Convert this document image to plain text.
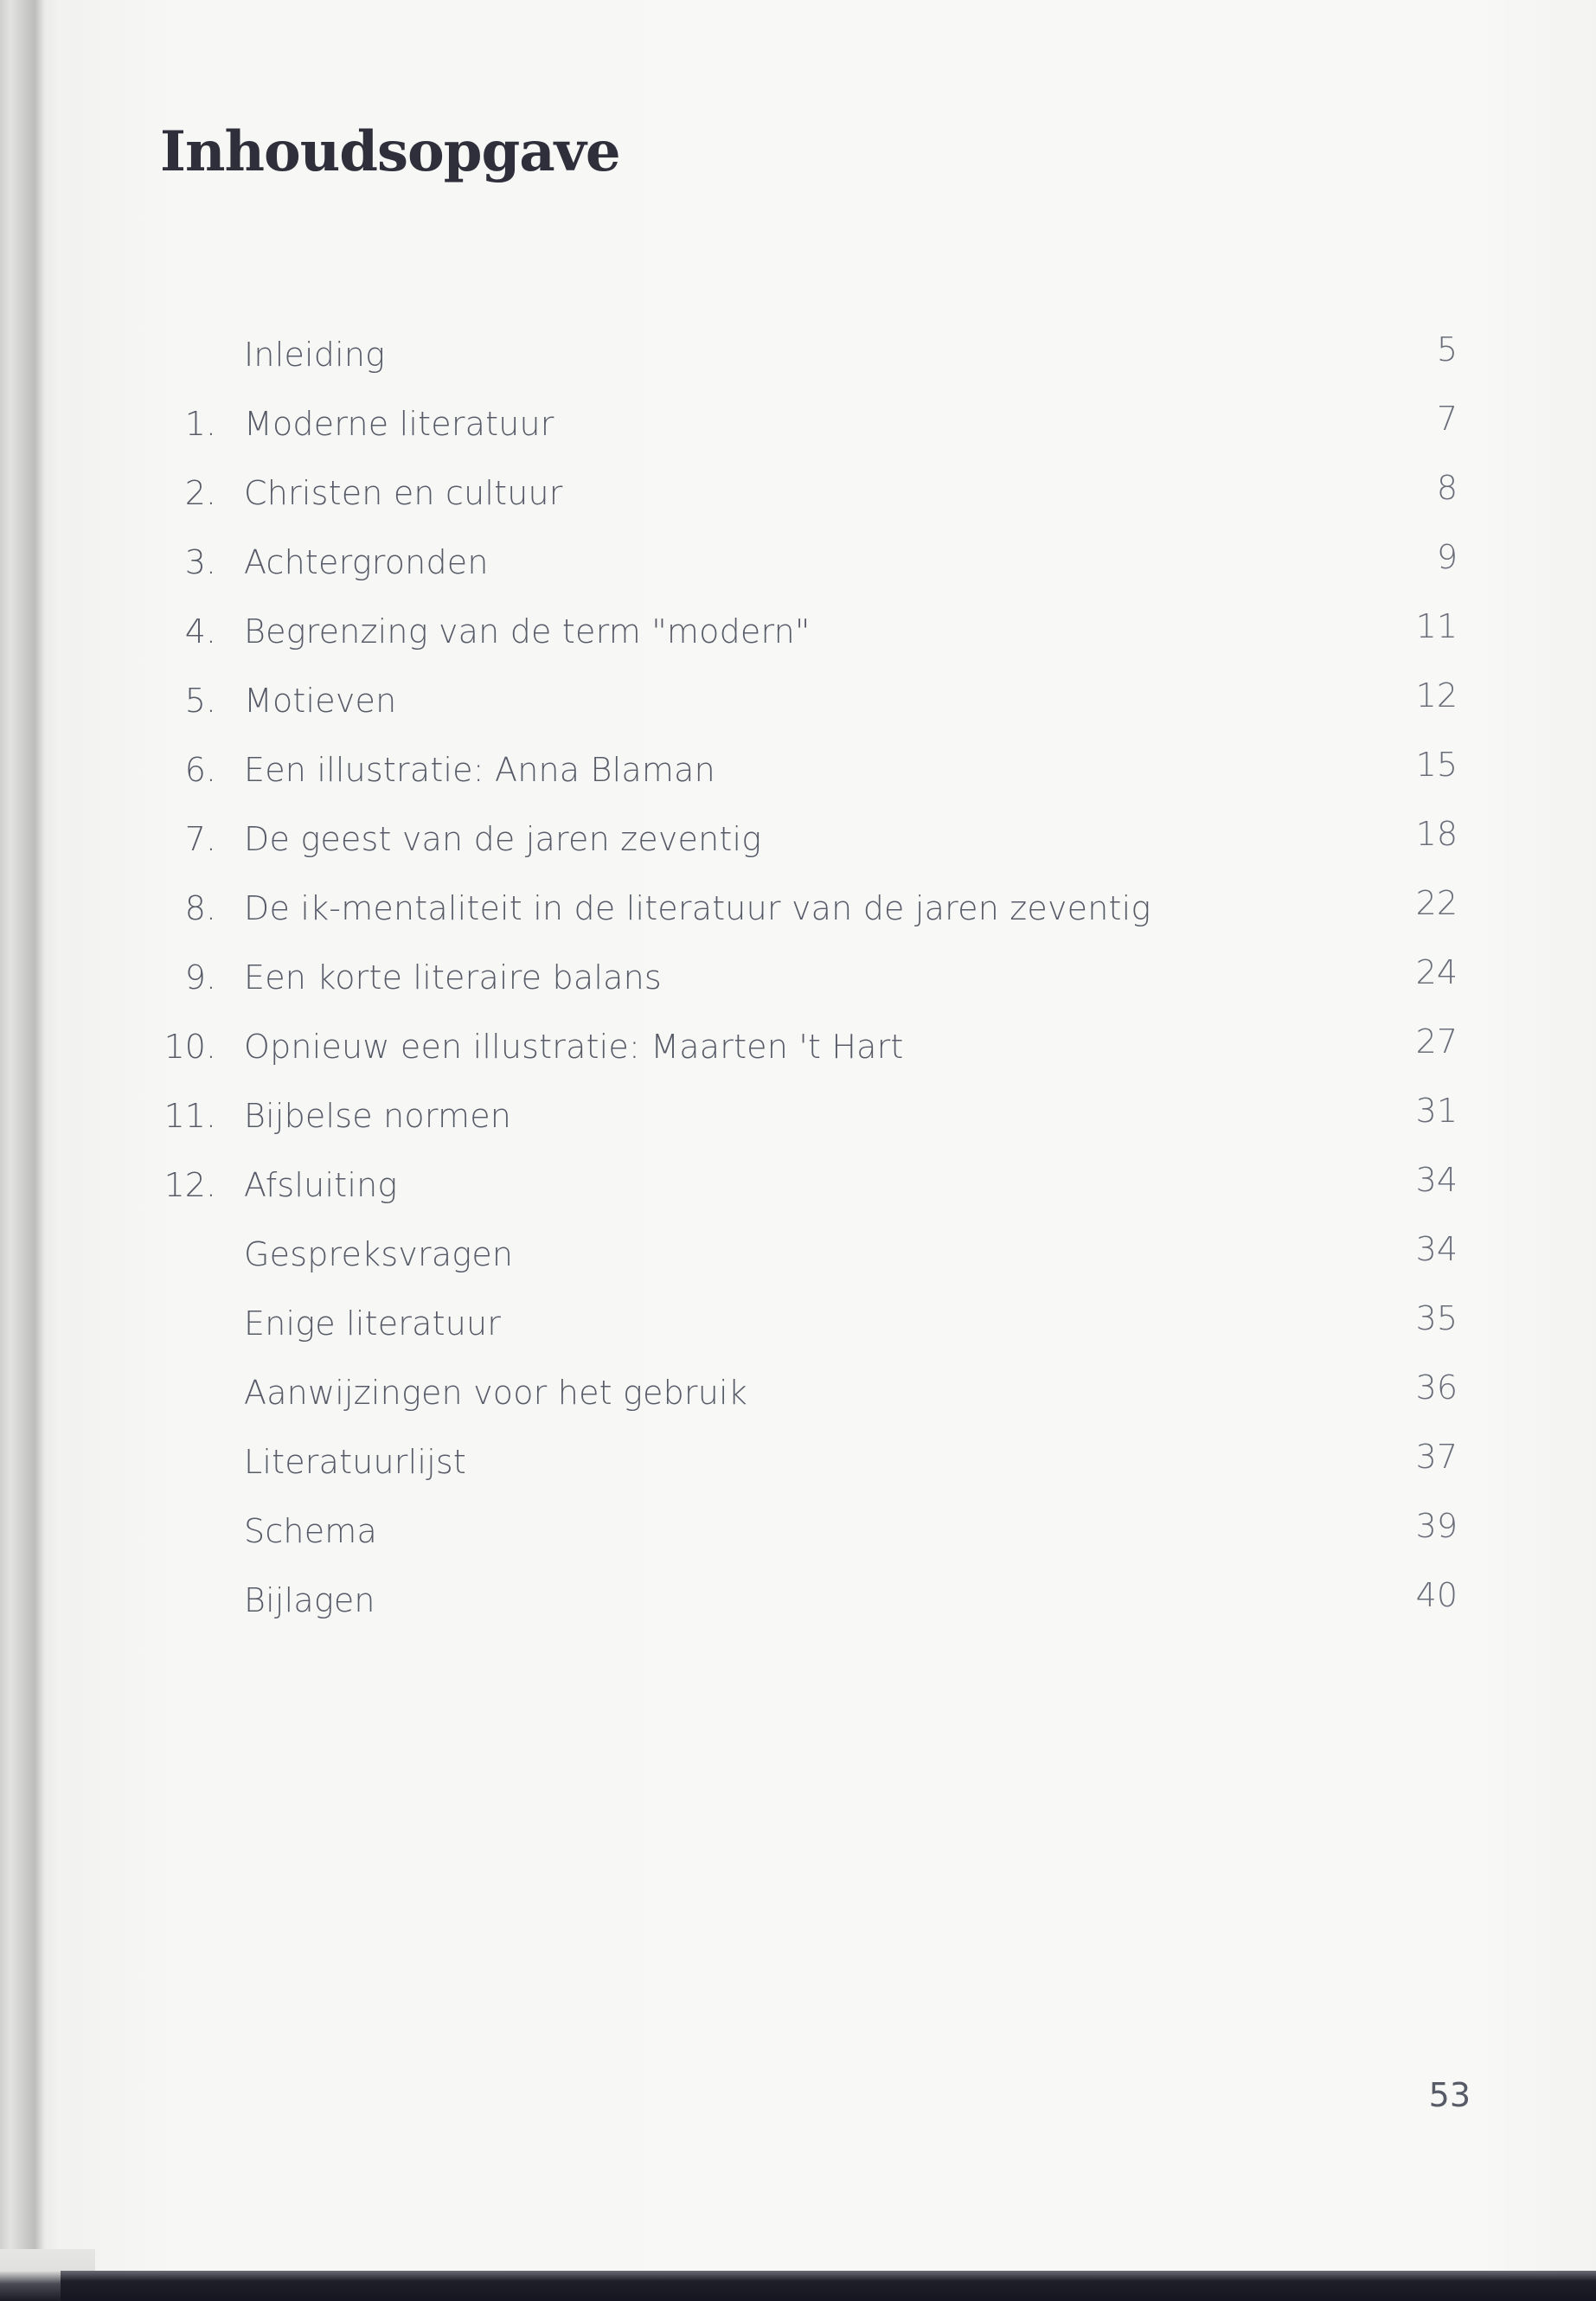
Inhoudsopgave
Inleiding	5
1. Moderne literatuur	7
2. Christen en cultuur	8
3. Achtergronden	9
4. Begrenzing van de term "modern"	11
5. Motieven	12
6. Een illustratie: Anna Blaman	15
7. De geest van de jaren zeventig	18
8. De ik-mentaliteit in de literatuur van de jaren zeventig	22
9. Een korte literaire balans	24
10. Opnieuw een illustratie: Maarten 't Hart	27
11. Bijbelse normen	31
12. Afsluiting	34
Gespreksvragen	34
Enige literatuur	35
Aanwijzingen voor het gebruik	36
Literatuurlijst	37
Schema	39
Bijlagen	40
53
